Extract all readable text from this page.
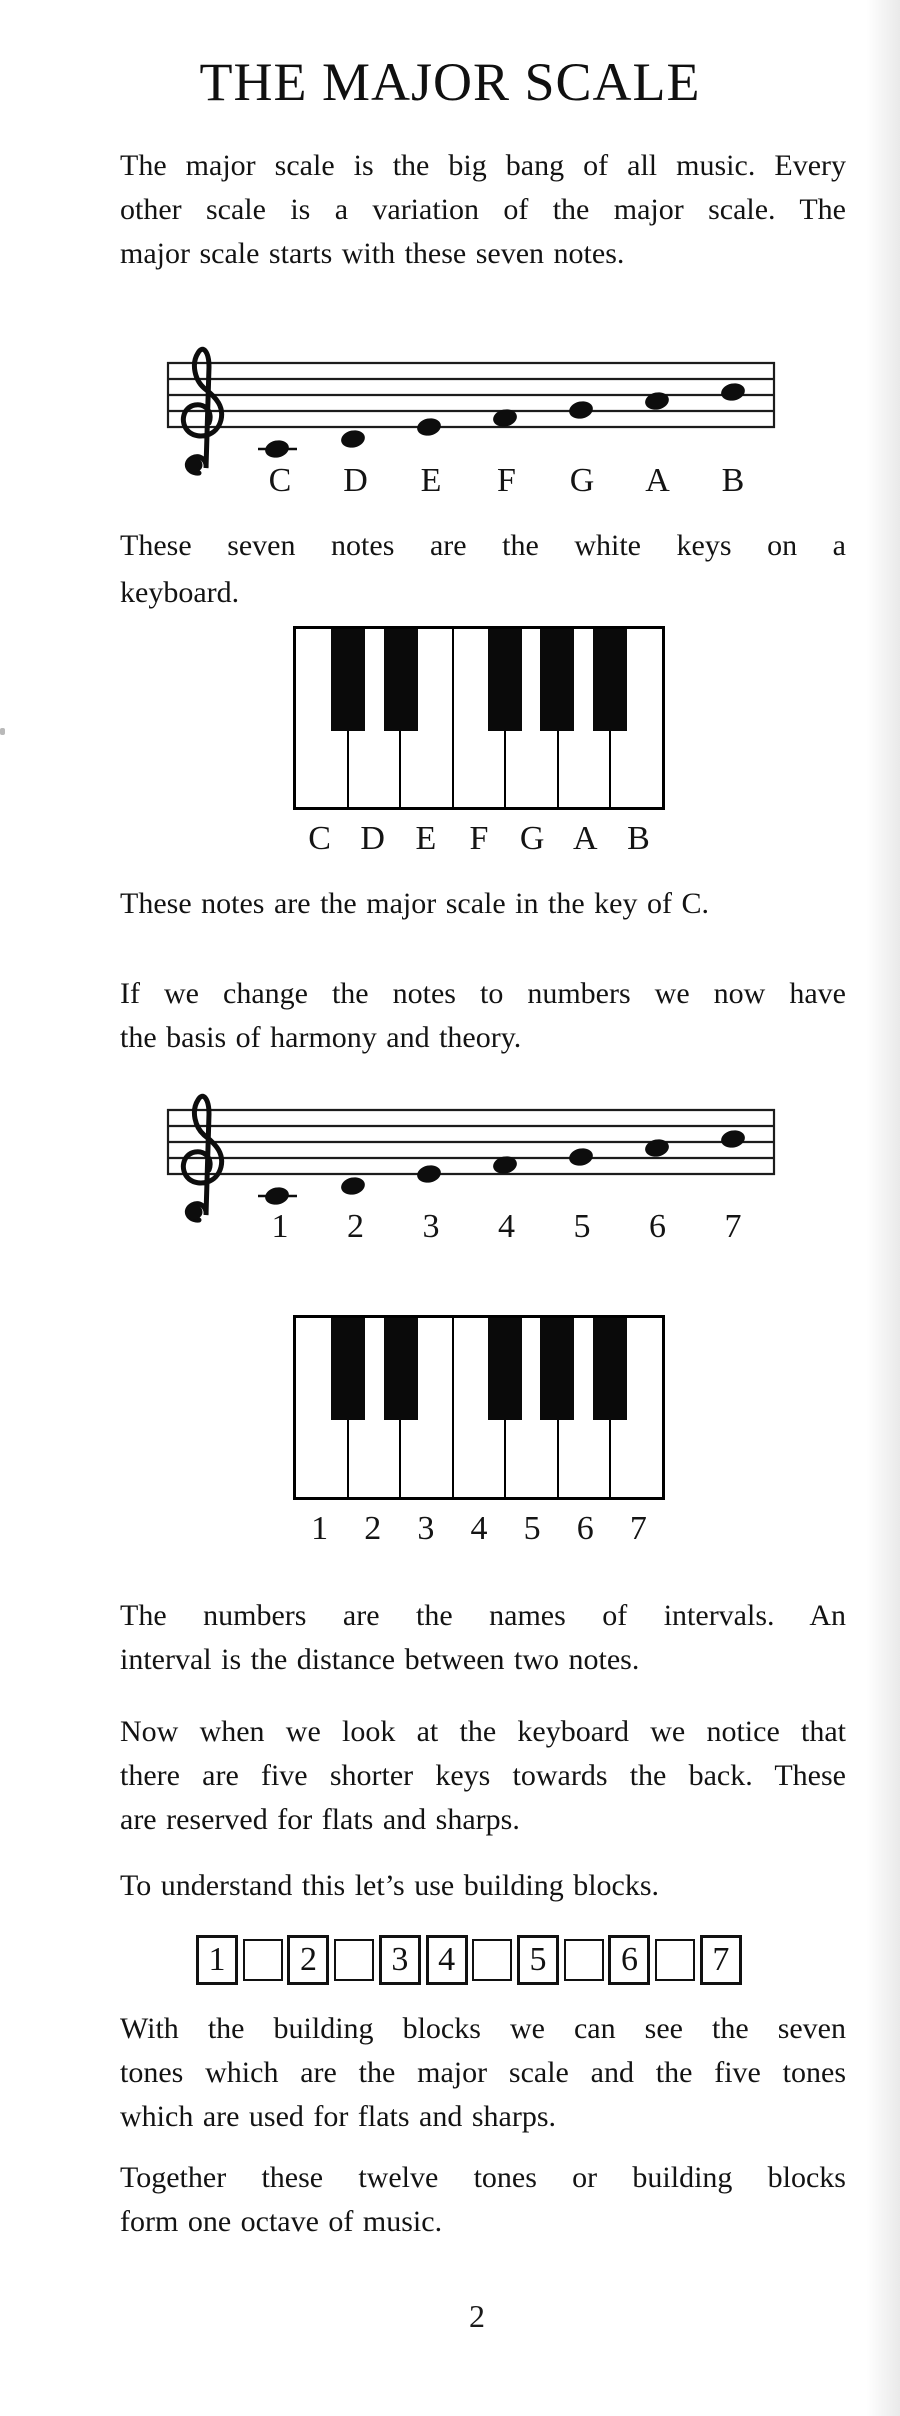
THE MAJOR SCALE
The major scale is the big bang of all music. Every
other scale is a variation of the major scale. The
major scale starts with these seven notes.
C	D	E	F	G A	B
These seven notes are the white keys on a
keyboard.
C D E F G A B
These notes are the major scale in the key of C.
If we change the notes to numbers we now have
the basis of harmony and theory.
1	2	3	4	5	6	7
1	2	3	4	5	6	7
The numbers are the names of intervals. An
interval is the distance between two notes.
Now when we look at the keyboard we notice that
there are five shorter keys towards the back. These
are reserved for flats and sharps.
To understand this let’s use building blocks.
1	2	3 4	5	6	7
With the building blocks we can see the seven
tones which are the major scale and the five tones
which are used for flats and sharps.
Together these twelve tones or building blocks
form one octave of music.
2
